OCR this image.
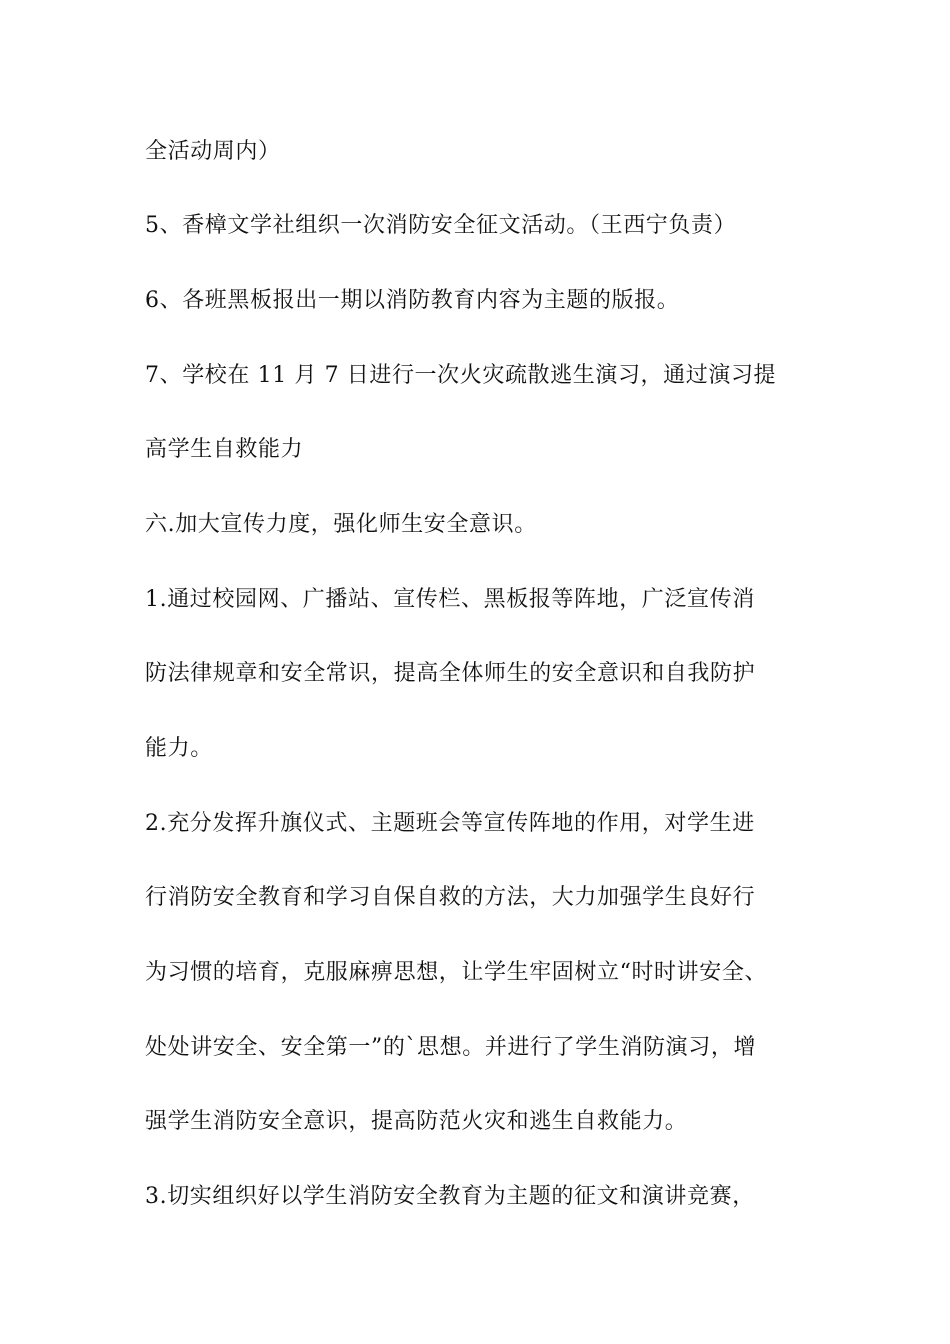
全活动周内）

5、香樟文学社组织一次消防安全征文活动。（王西宁负责）

6、各班黑板报出一期以消防教育内容为主题的版报。

7、学校在 11 月 7 日进行一次火灾疏散逃生演习，通过演习提

高学生自救能力

六.加大宣传力度，强化师生安全意识。

1.通过校园网、广播站、宣传栏、黑板报等阵地，广泛宣传消

防法律规章和安全常识，提高全体师生的安全意识和自我防护

能力。

2.充分发挥升旗仪式、主题班会等宣传阵地的作用，对学生进

行消防安全教育和学习自保自救的方法，大力加强学生良好行

为习惯的培育，克服麻痹思想，让学生牢固树立“时时讲安全、

处处讲安全、安全第一”的`思想。并进行了学生消防演习，增

强学生消防安全意识，提高防范火灾和逃生自救能力。

3.切实组织好以学生消防安全教育为主题的征文和演讲竞赛，
